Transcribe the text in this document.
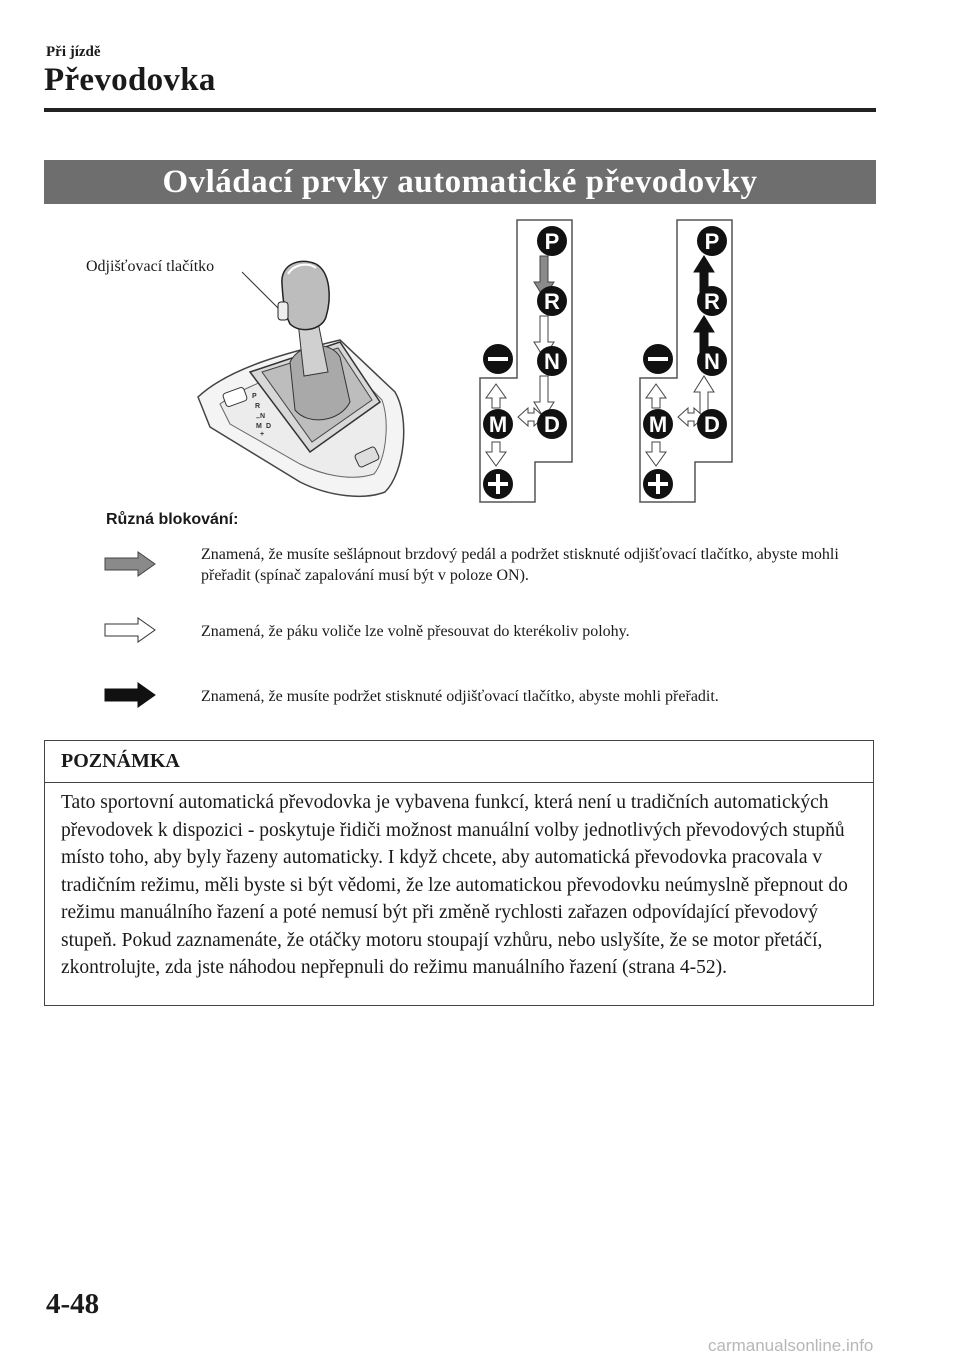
Při jízdě
Převodovka
Ovládací prvky automatické převodovky
Odjišťovací tlačítko
P
R
N
D
M
–
+
P
R
N
D
M
P
R
N
D
M
Různá blokování:
Znamená, že musíte sešlápnout brzdový pedál a podržet stisknuté odjišťovací tlačítko, abyste mohli přeřadit (spínač zapalování musí být v poloze ON).
Znamená, že páku voliče lze volně přesouvat do kterékoliv polohy.
Znamená, že musíte podržet stisknuté odjišťovací tlačítko, abyste mohli přeřadit.
POZNÁMKA
Tato sportovní automatická převodovka je vybavena funkcí, která není u tradičních automatických převodovek k dispozici - poskytuje řidiči možnost manuální volby jednotlivých převodových stupňů místo toho, aby byly řazeny automaticky. I když chcete, aby automatická převodovka pracovala v tradičním režimu, měli byste si být vědomi, že lze automatickou převodovku neúmyslně přepnout do režimu manuálního řazení a poté nemusí být při změně rychlosti zařazen odpovídající převodový stupeň. Pokud zaznamenáte, že otáčky motoru stoupají vzhůru, nebo uslyšíte, že se motor přetáčí, zkontrolujte, zda jste náhodou nepřepnuli do režimu manuálního řazení (strana 4-52).
4-48
carmanualsonline.info
